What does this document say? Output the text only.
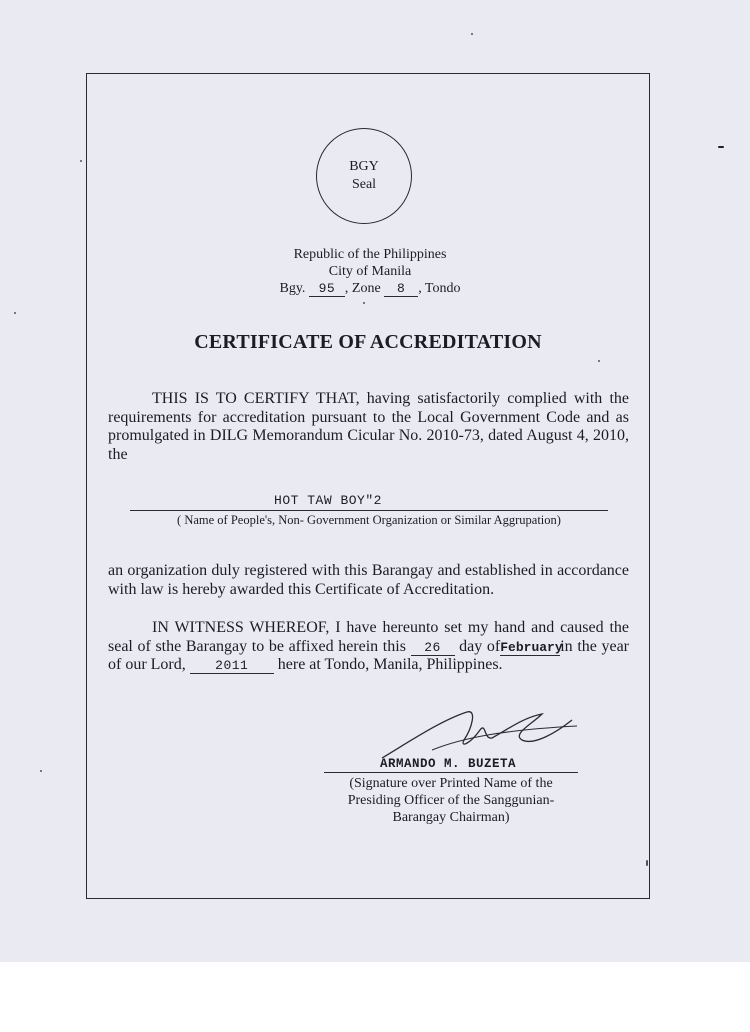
BGY
Seal
Republic of the Philippines
City of Manila
Bgy. 95 , Zone 8 , Tondo
CERTIFICATE OF ACCREDITATION
THIS IS TO CERTIFY THAT, having satisfactorily complied with the requirements for accreditation pursuant to the Local Government Code and as promulgated in DILG Memorandum Cicular No. 2010-73, dated August 4, 2010, the
HOT TAW BOY"2
( Name of People's, Non- Government Organization or Similar Aggrupation)
an organization duly registered with this Barangay and established in accordance with law is hereby awarded this Certificate of Accreditation.
IN WITNESS WHEREOF, I have hereunto set my hand and caused the seal of sthe Barangay to be affixed herein this 26 day ofFebruaryin the year of our Lord, 2011 here at Tondo, Manila, Philippines.
ARMANDO M. BUZETA
(Signature over Printed Name of the
Presiding Officer of the Sanggunian-
Barangay Chairman)
